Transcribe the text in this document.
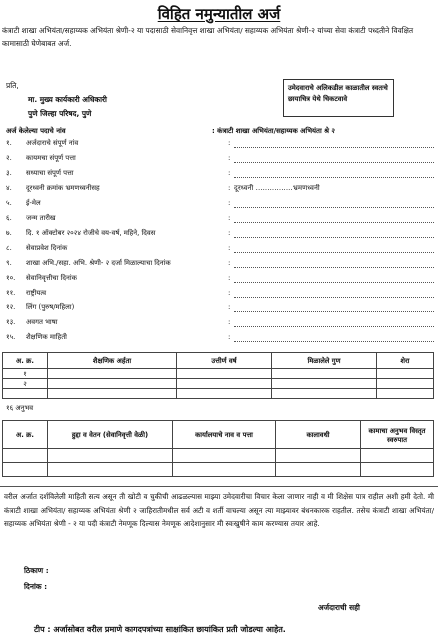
विहित नमुन्यातील अर्ज
कंत्राटी शाखा अभियंता/सहाय्यक अभियंता श्रेणी-२ या पदासाठी सेवानिवृत्त शाखा अभियंता/ सहाय्यक अभियंता श्रेणी-२ यांच्या सेवा कंत्राटी पध्दतीने विवक्षित कामासाठी घेणेबाबत अर्ज.
उमेदवाराचे अलिकडील काळातील स्वतःचे छायाचित्र येथे चिकटवावे
प्रति,
मा. मुख्य कार्यकारी अधिकारी
पुणे जिल्हा परिषद, पुणे
अर्ज केलेल्या पदाचे नांव	: कंत्राटी शाखा अभियंता/सहाय्यक अभियंता श्रे २
१.	अर्जदाराचे संपूर्ण नांव	:
२.	कायमचा संपूर्ण पत्ता	:
३.	सध्याचा संपूर्ण पत्ता	:
४.	दूरध्वनी क्रमांक भ्रमणध्वनीसह	: दूरध्वनी ................भ्रमणध्वनी
५.	ई-मेल	:
६.	जन्म तारीख	:
७.	दि. १ ऑक्टोबर २०२४ रोजीचे वय-वर्ष, महिने, दिवस	:
८.	सेवाप्रवेश दिनांक	:
९.	शाखा अभि./सहा. अभि. श्रेणी- २ दर्जा मिळाल्याचा दिनांक	:
१०.	सेवानिवृत्तीचा दिनांक	:
११.	राष्ट्रीयत्व	:
१२.	लिंग (पुरुष/महिला)	:
१३.	अवगत भाषा	:
१५.	शैक्षणिक माहिती	:
अ. क्र.	शैक्षणिक अर्हता	उत्तीर्ण वर्ष	मिळालेले गुण	शेरा
१				
२				

१६ अनुभव
अ. क्र.	हुद्दा व वेतन (सेवानिवृत्ती वेळी)	कार्यालयाचे नाव व पत्ता	कालावधी	कामाचा अनुभव विस्तृत स्वरुपात

वरील अर्जात दर्शविलेली माहिती सत्य असून ती खोटी व चुकीची आढळल्यास माझ्या उमेदवारीचा विचार केला जाणार नाही व मी शिक्षेस पात्र राहील अशी हमी देतो. मी कंत्राटी शाखा अभियंता/ सहाय्यक अभियंता श्रेणी २ जाहिरातीमधील सर्व अटी व शर्ती वाचल्या असून त्या माझ्यावर बंधनकारक राहतील. तसेच कंत्राटी शाखा अभियंता/सहाय्यक अभियंता श्रेणी - २ या पदी कंत्राटी नेमणूक दिल्यास नेमणूक आदेशानुसार मी स्वःखुषीने काम करण्यास तयार आहे.
ठिकाण :
दिनांक :
अर्जदाराची सही
टीप : अर्जासोबत वरील प्रमाणे कागदपत्रांच्या साक्षांकित छायांकित प्रती जोडल्या आहेत.
